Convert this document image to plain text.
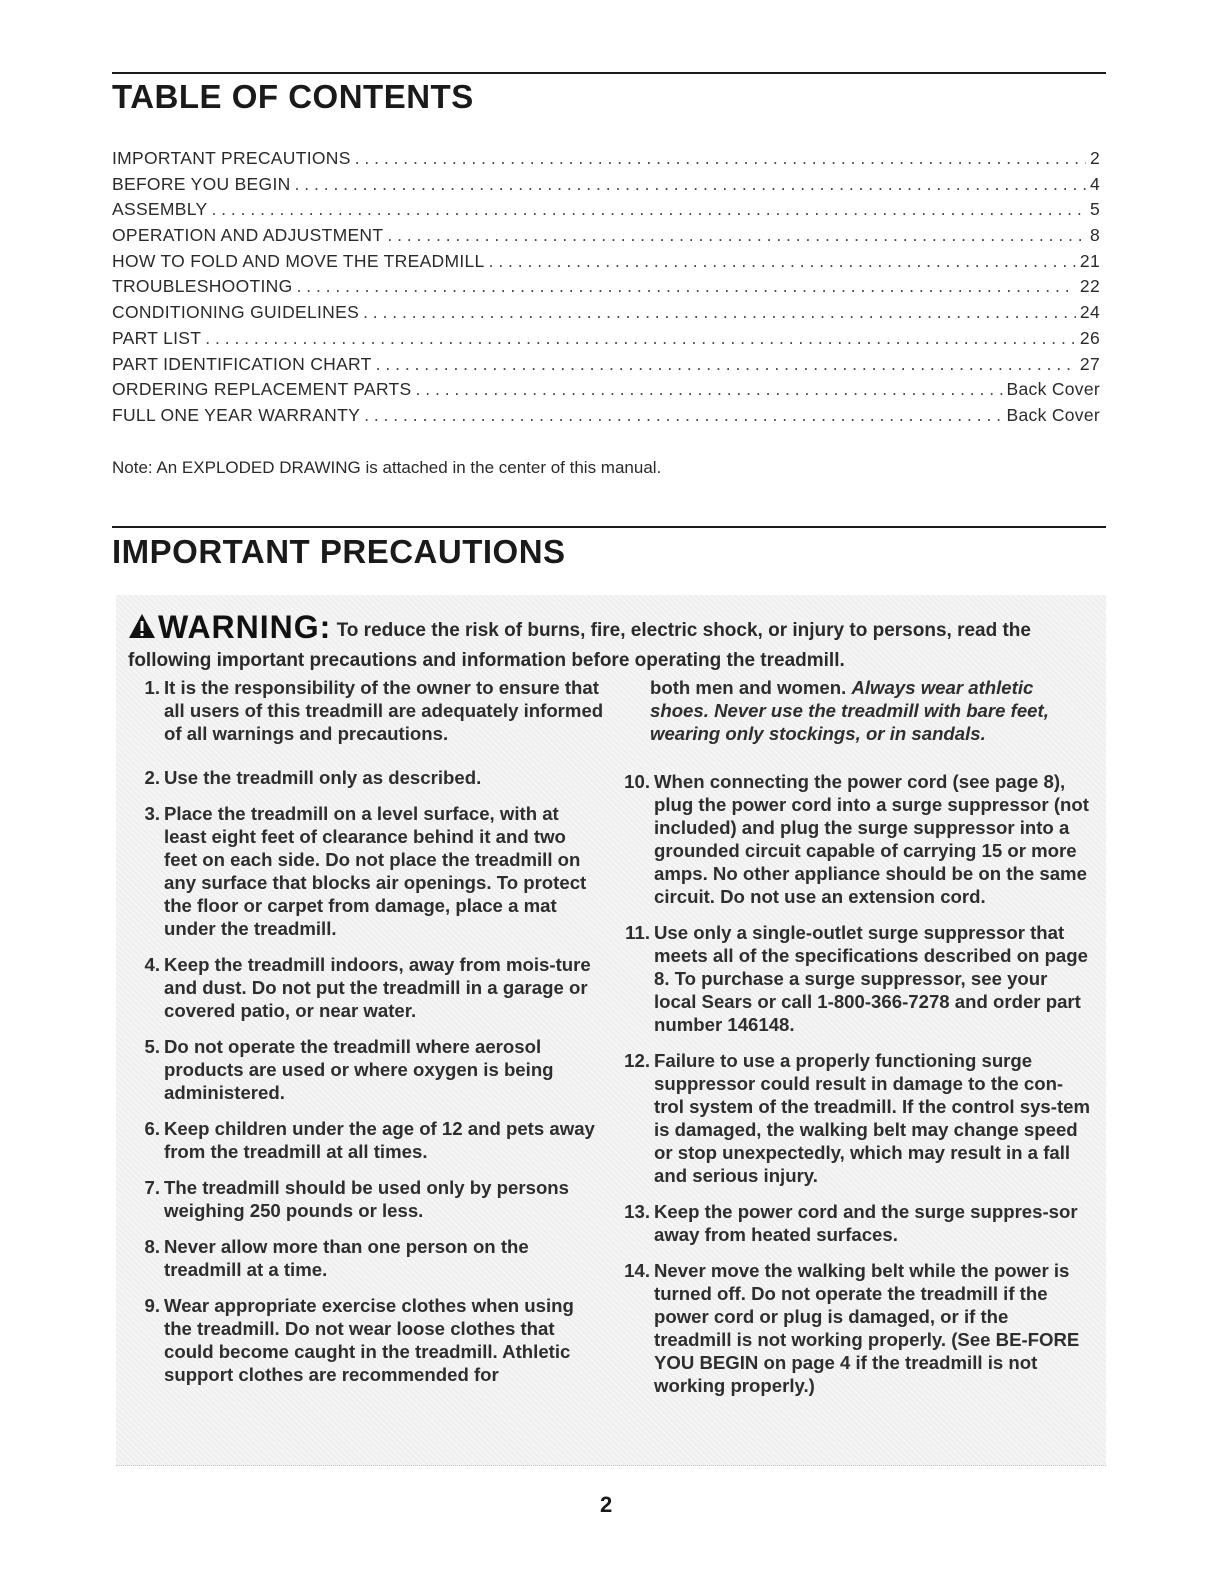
TABLE OF CONTENTS
IMPORTANT PRECAUTIONS . . .	2
BEFORE YOU BEGIN . . .	4
ASSEMBLY . . .	5
OPERATION AND ADJUSTMENT . . .	8
HOW TO FOLD AND MOVE THE TREADMILL . . .	21
TROUBLESHOOTING . . .	22
CONDITIONING GUIDELINES . . .	24
PART LIST . . .	26
PART IDENTIFICATION CHART . . .	27
ORDERING REPLACEMENT PARTS . . .	Back Cover
FULL ONE YEAR WARRANTY . . .	Back Cover
Note: An EXPLODED DRAWING is attached in the center of this manual.
IMPORTANT PRECAUTIONS
WARNING: To reduce the risk of burns, fire, electric shock, or injury to persons, read the following important precautions and information before operating the treadmill.
1. It is the responsibility of the owner to ensure that all users of this treadmill are adequately informed of all warnings and precautions.
2. Use the treadmill only as described.
3. Place the treadmill on a level surface, with at least eight feet of clearance behind it and two feet on each side. Do not place the treadmill on any surface that blocks air openings. To protect the floor or carpet from damage, place a mat under the treadmill.
4. Keep the treadmill indoors, away from mois-ture and dust. Do not put the treadmill in a garage or covered patio, or near water.
5. Do not operate the treadmill where aerosol products are used or where oxygen is being administered.
6. Keep children under the age of 12 and pets away from the treadmill at all times.
7. The treadmill should be used only by persons weighing 250 pounds or less.
8. Never allow more than one person on the treadmill at a time.
9. Wear appropriate exercise clothes when using the treadmill. Do not wear loose clothes that could become caught in the treadmill. Athletic support clothes are recommended for
both men and women. Always wear athletic shoes. Never use the treadmill with bare feet, wearing only stockings, or in sandals.
10. When connecting the power cord (see page 8), plug the power cord into a surge suppressor (not included) and plug the surge suppressor into a grounded circuit capable of carrying 15 or more amps. No other appliance should be on the same circuit. Do not use an extension cord.
11. Use only a single-outlet surge suppressor that meets all of the specifications described on page 8. To purchase a surge suppressor, see your local Sears or call 1-800-366-7278 and order part number 146148.
12. Failure to use a properly functioning surge suppressor could result in damage to the con-trol system of the treadmill. If the control sys-tem is damaged, the walking belt may change speed or stop unexpectedly, which may result in a fall and serious injury.
13. Keep the power cord and the surge suppres-sor away from heated surfaces.
14. Never move the walking belt while the power is turned off. Do not operate the treadmill if the power cord or plug is damaged, or if the treadmill is not working properly. (See BE-FORE YOU BEGIN on page 4 if the treadmill is not working properly.)
2
